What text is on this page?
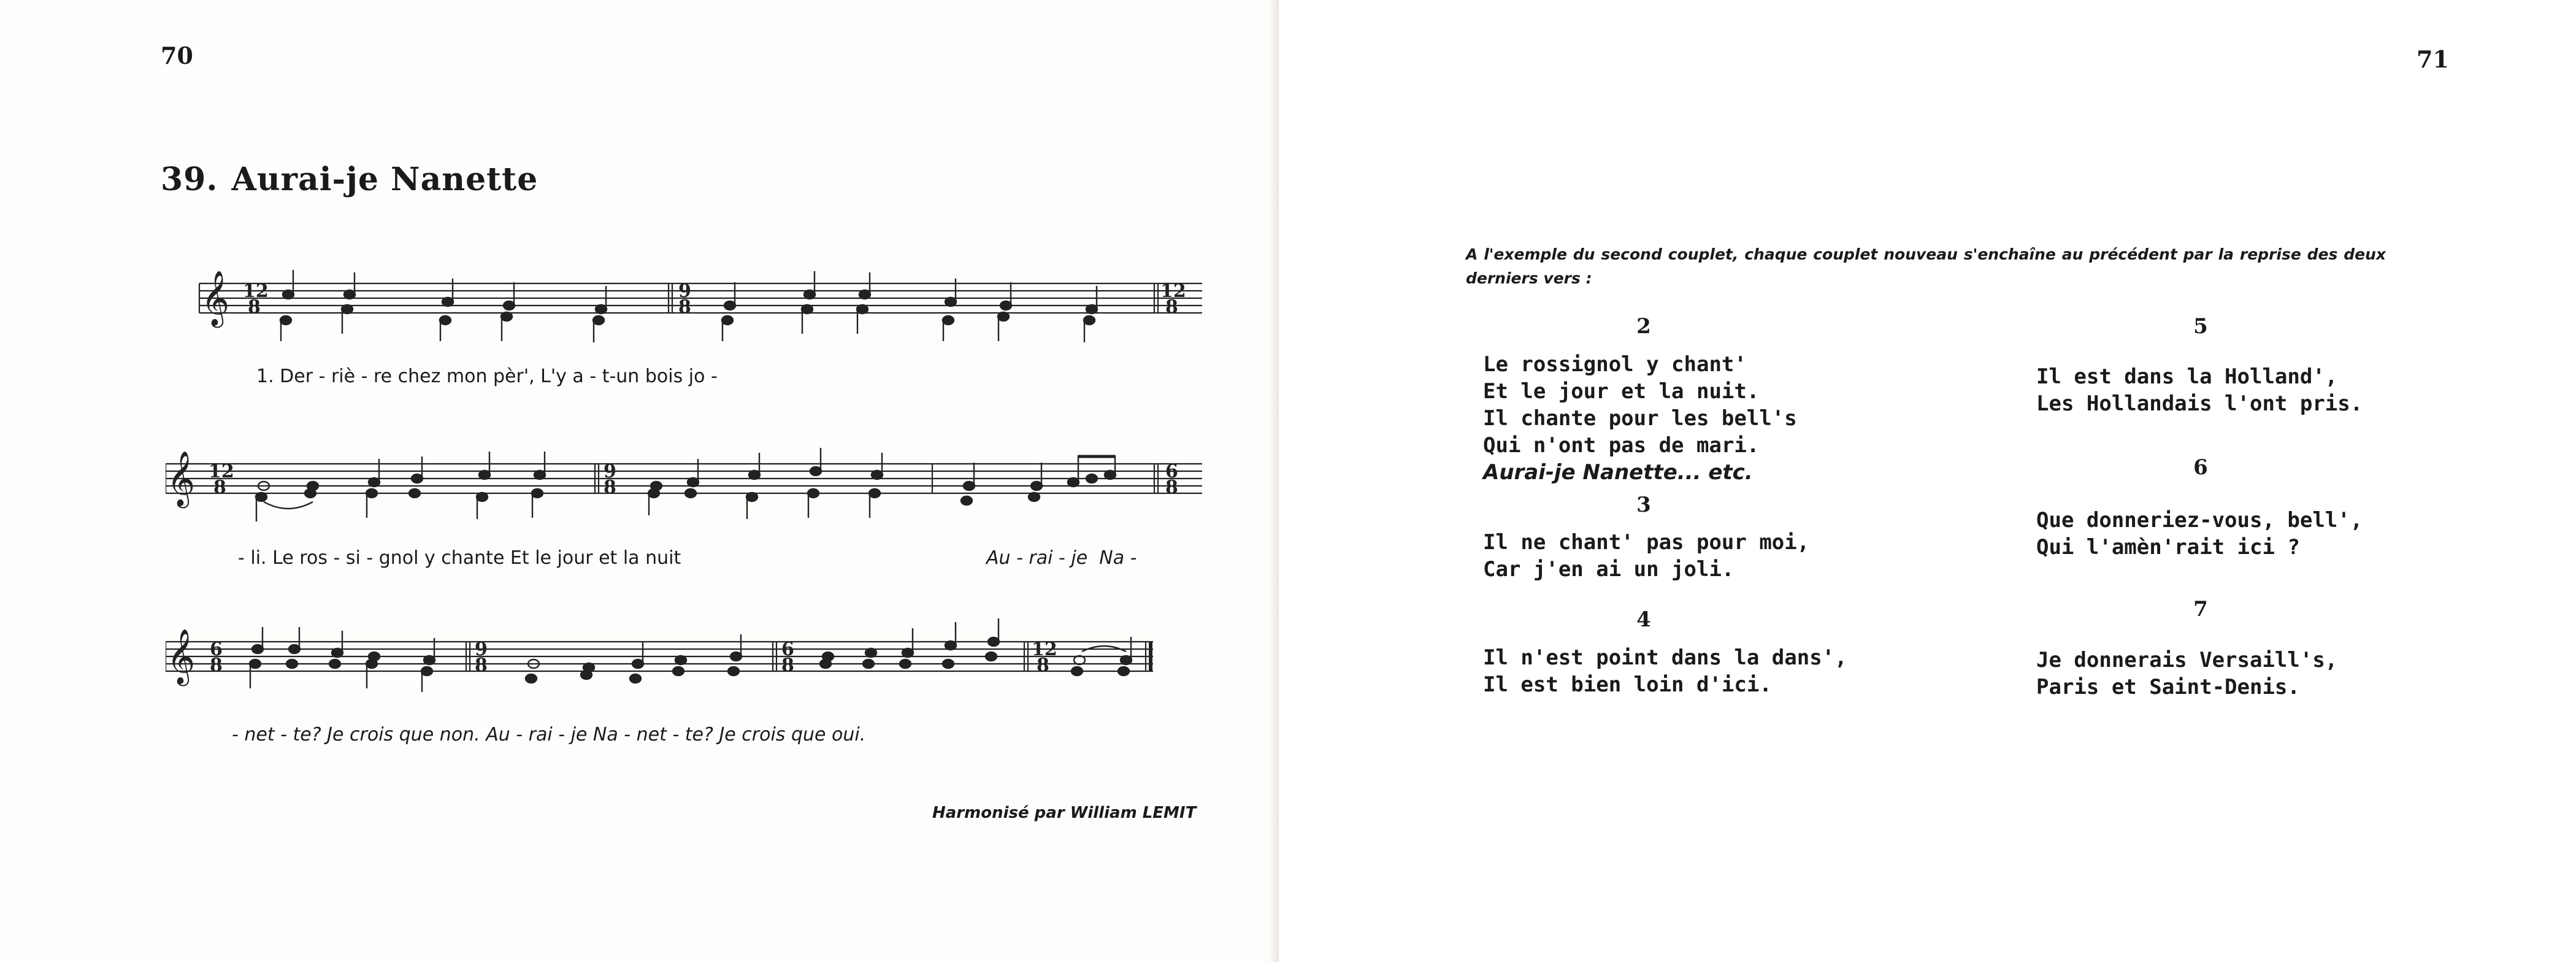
70
39. Aurai-je Nanette
𝄞 12
8
9
8
12
8
1. Der - riè - re chez mon pèr', L'y a - t-un bois jo -
𝄞 12
8
9
8
6
8
- li. Le ros - si - gnol y chante Et le jour et la nuit	Au - rai - je  Na -
𝄞 6
8
9
8
6
8
12
8
- net - te? Je crois que non. Au - rai - je Na - net - te? Je crois que oui.
Harmonisé par William LEMIT
71
A l'exemple du second couplet, chaque couplet nouveau s'enchaîne au précédent par la reprise des deux derniers vers :
2
Le rossignol y chant'
Et le jour et la nuit.
Il chante pour les bell's
Qui n'ont pas de mari.
Aurai-je Nanette... etc.
3
Il ne chant' pas pour moi,
Car j'en ai un joli.
4
Il n'est point dans la dans',
Il est bien loin d'ici.
5
Il est dans la Holland',
Les Hollandais l'ont pris.
6
Que donneriez-vous, bell',
Qui l'amèn'rait ici ?
7
Je donnerais Versaill's,
Paris et Saint-Denis.
